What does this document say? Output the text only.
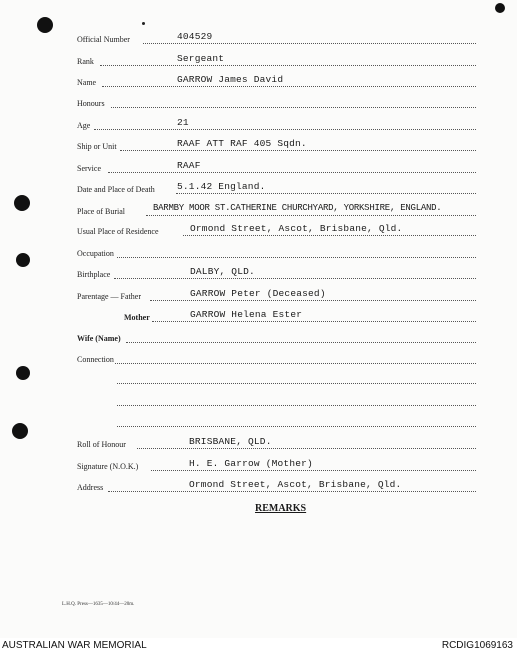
Official Number	404529
Rank	Sergeant
Name	GARROW James David
Honours
Age	21
Ship or Unit	RAAF ATT RAF 405 Sqdn.
Service	RAAF
Date and Place of Death 5.1.42 England.
Place of Burial	BARMBY MOOR ST.CATHERINE CHURCHYARD, YORKSHIRE, ENGLAND.
Usual Place of Residence	Ormond Street, Ascot, Brisbane, Qld.
Occupation
Birthplace	DALBY, QLD.
Parentage — Father	GARROW Peter (Deceased)
Mother	GARROW Helena Ester
Wife (Name)
Connection
Roll of Honour	BRISBANE, QLD.
Signature (N.O.K.)	H. E. Garrow (Mother)
Address	Ormond Street, Ascot, Brisbane, Qld.
REMARKS
L.H.Q. Press—1635—10/44—20m.
AUSTRALIAN WAR MEMORIAL	RCDIG1069163
